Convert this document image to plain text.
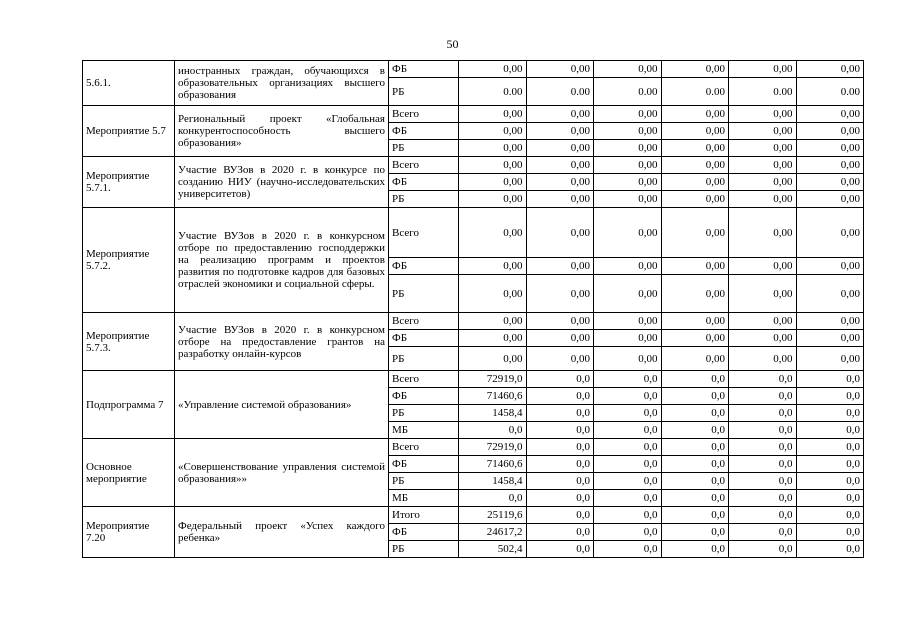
50
5.6.1.	иностранных граждан, обучающихся в образовательных организациях высшего образования	ФБ	0,00	0,00	0,00	0,00	0,00	0,00
		РБ	0.00	0.00	0.00	0.00	0.00	0.00
Мероприятие 5.7	Региональный проект «Глобальная конкурентоспособность высшего образования»	Всего	0,00	0,00	0,00	0,00	0,00	0,00
		ФБ	0,00	0,00	0,00	0,00	0,00	0,00
		РБ	0,00	0,00	0,00	0,00	0,00	0,00
Мероприятие 5.7.1.	Участие ВУЗов в 2020 г. в конкурсе по созданию НИУ (научно-исследовательских университетов)	Всего	0,00	0,00	0,00	0,00	0,00	0,00
		ФБ	0,00	0,00	0,00	0,00	0,00	0,00
		РБ	0,00	0,00	0,00	0,00	0,00	0,00
Мероприятие 5.7.2.	Участие ВУЗов в 2020 г. в конкурсном отборе по предоставлению господдержки на реализацию программ и проектов развития по подготовке кадров для базовых отраслей экономики и социальной сферы.	Всего	0,00	0,00	0,00	0,00	0,00	0,00
		ФБ	0,00	0,00	0,00	0,00	0,00	0,00
		РБ	0,00	0,00	0,00	0,00	0,00	0,00
Мероприятие 5.7.3.	Участие ВУЗов в 2020 г. в конкурсном отборе на предоставление грантов на разработку онлайн-курсов	Всего	0,00	0,00	0,00	0,00	0,00	0,00
		ФБ	0,00	0,00	0,00	0,00	0,00	0,00
		РБ	0,00	0,00	0,00	0,00	0,00	0,00
Подпрограмма 7	«Управление системой образования»	Всего	72919,0	0,0	0,0	0,0	0,0	0,0
		ФБ	71460,6	0,0	0,0	0,0	0,0	0,0
		РБ	1458,4	0,0	0,0	0,0	0,0	0,0
		МБ	0,0	0,0	0,0	0,0	0,0	0,0
Основное мероприятие	«Совершенствование управления системой образования»»	Всего	72919,0	0,0	0,0	0,0	0,0	0,0
		ФБ	71460,6	0,0	0,0	0,0	0,0	0,0
		РБ	1458,4	0,0	0,0	0,0	0,0	0,0
		МБ	0,0	0,0	0,0	0,0	0,0	0,0
Мероприятие 7.20	Федеральный проект «Успех каждого ребенка»	Итого	25119,6	0,0	0,0	0,0	0,0	0,0
		ФБ	24617,2	0,0	0,0	0,0	0,0	0,0
		РБ	502,4	0,0	0,0	0,0	0,0	0,0
